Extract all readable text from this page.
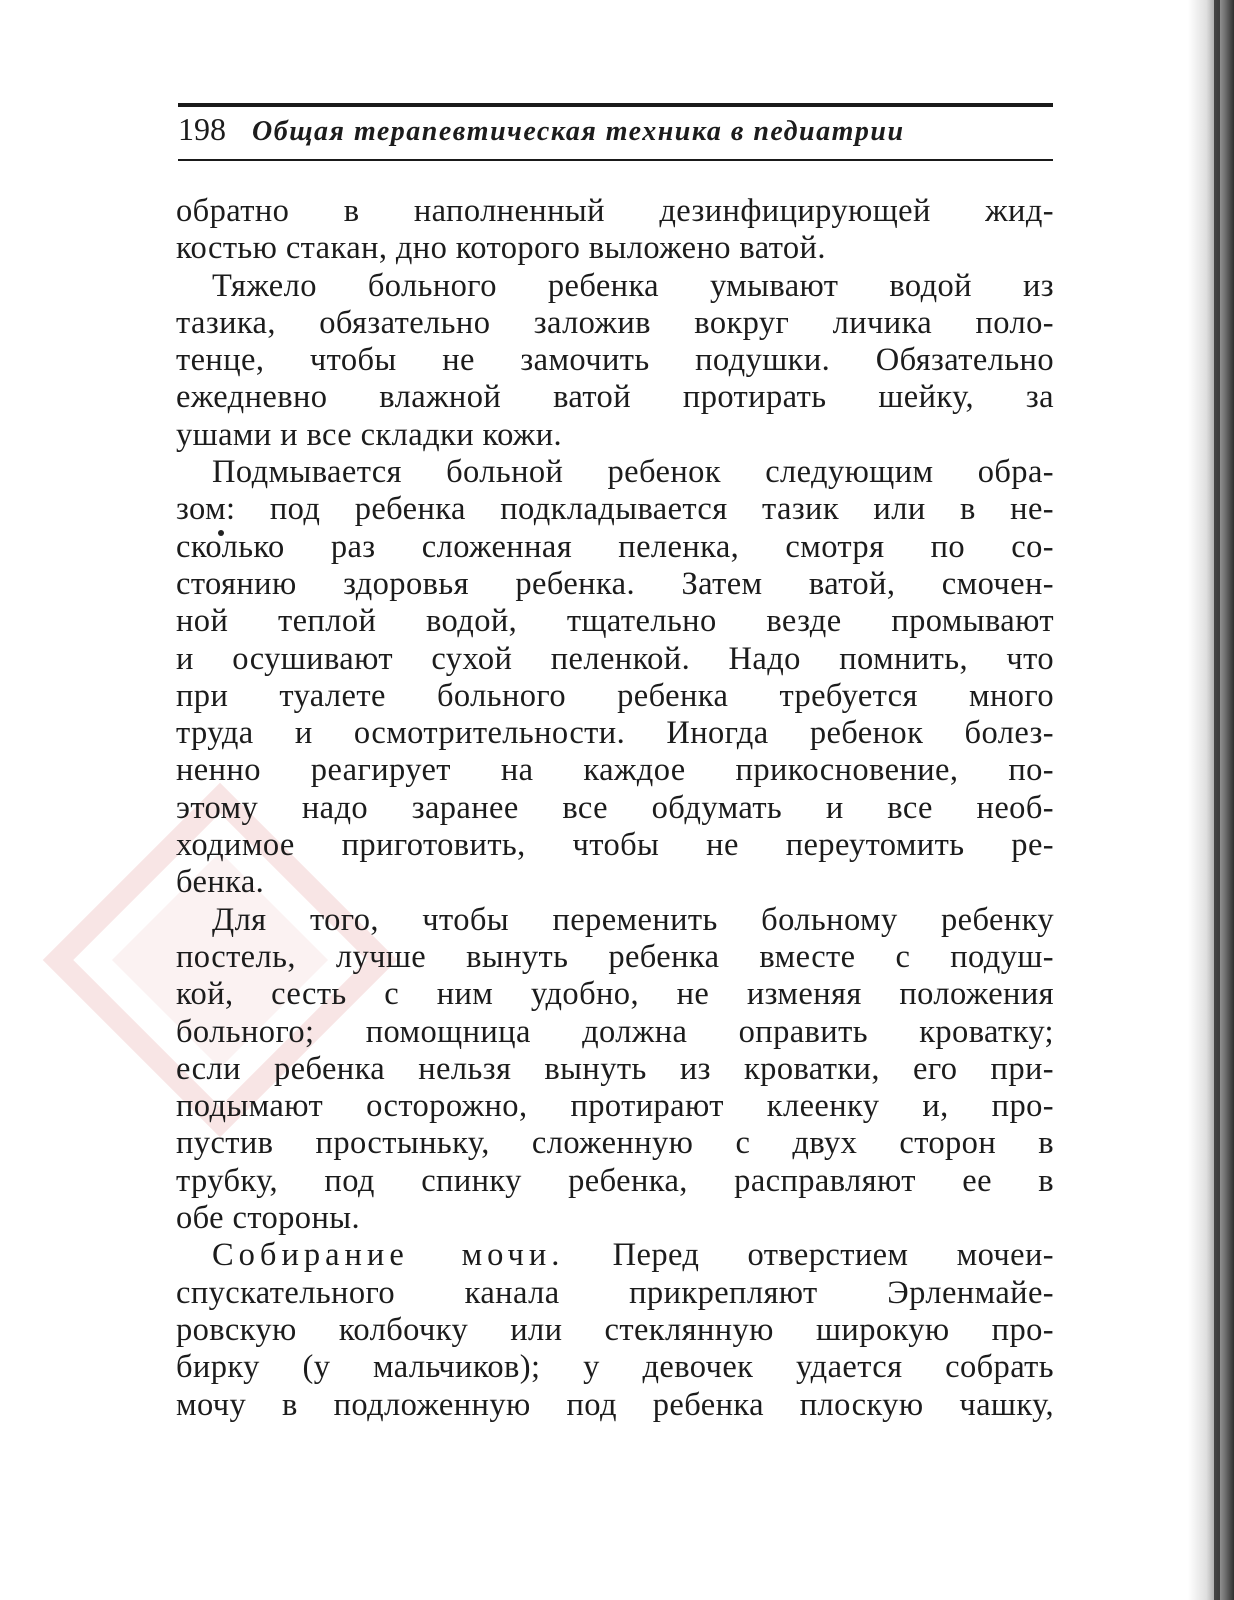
198 Общая терапевтическая техника в педиатрии
обратно в наполненный дезинфицирующей жид-
костью стакан, дно которого выложено ватой.
Тяжело больного ребенка умывают водой из
тазика, обязательно заложив вокруг личика поло-
тенце, чтобы не замочить подушки. Обязательно
ежедневно влажной ватой протирать шейку, за
ушами и все складки кожи.
Подмывается больной ребенок следующим обра-
зом: под ребенка подкладывается тазик или в не-
сколько раз сложенная пеленка, смотря по со-
стоянию здоровья ребенка. Затем ватой, смочен-
ной теплой водой, тщательно везде промывают
и осушивают сухой пеленкой. Надо помнить, что
при туалете больного ребенка требуется много
труда и осмотрительности. Иногда ребенок болез-
ненно реагирует на каждое прикосновение, по-
этому надо заранее все обдумать и все необ-
ходимое приготовить, чтобы не переутомить ре-
бенка.
Для того, чтобы переменить больному ребенку
постель, лучше вынуть ребенка вместе с подуш-
кой, сесть с ним удобно, не изменяя положения
больного; помощница должна оправить кроватку;
если ребенка нельзя вынуть из кроватки, его при-
подымают осторожно, протирают клеенку и, про-
пустив простыньку, сложенную с двух сторон в
трубку, под спинку ребенка, расправляют ее в
обе стороны.
Собирание мочи. Перед отверстием мочеи-
спускательного канала прикрепляют Эрленмайе-
ровскую колбочку или стеклянную широкую про-
бирку (у мальчиков); у девочек удается собрать
мочу в подложенную под ребенка плоскую чашку,
